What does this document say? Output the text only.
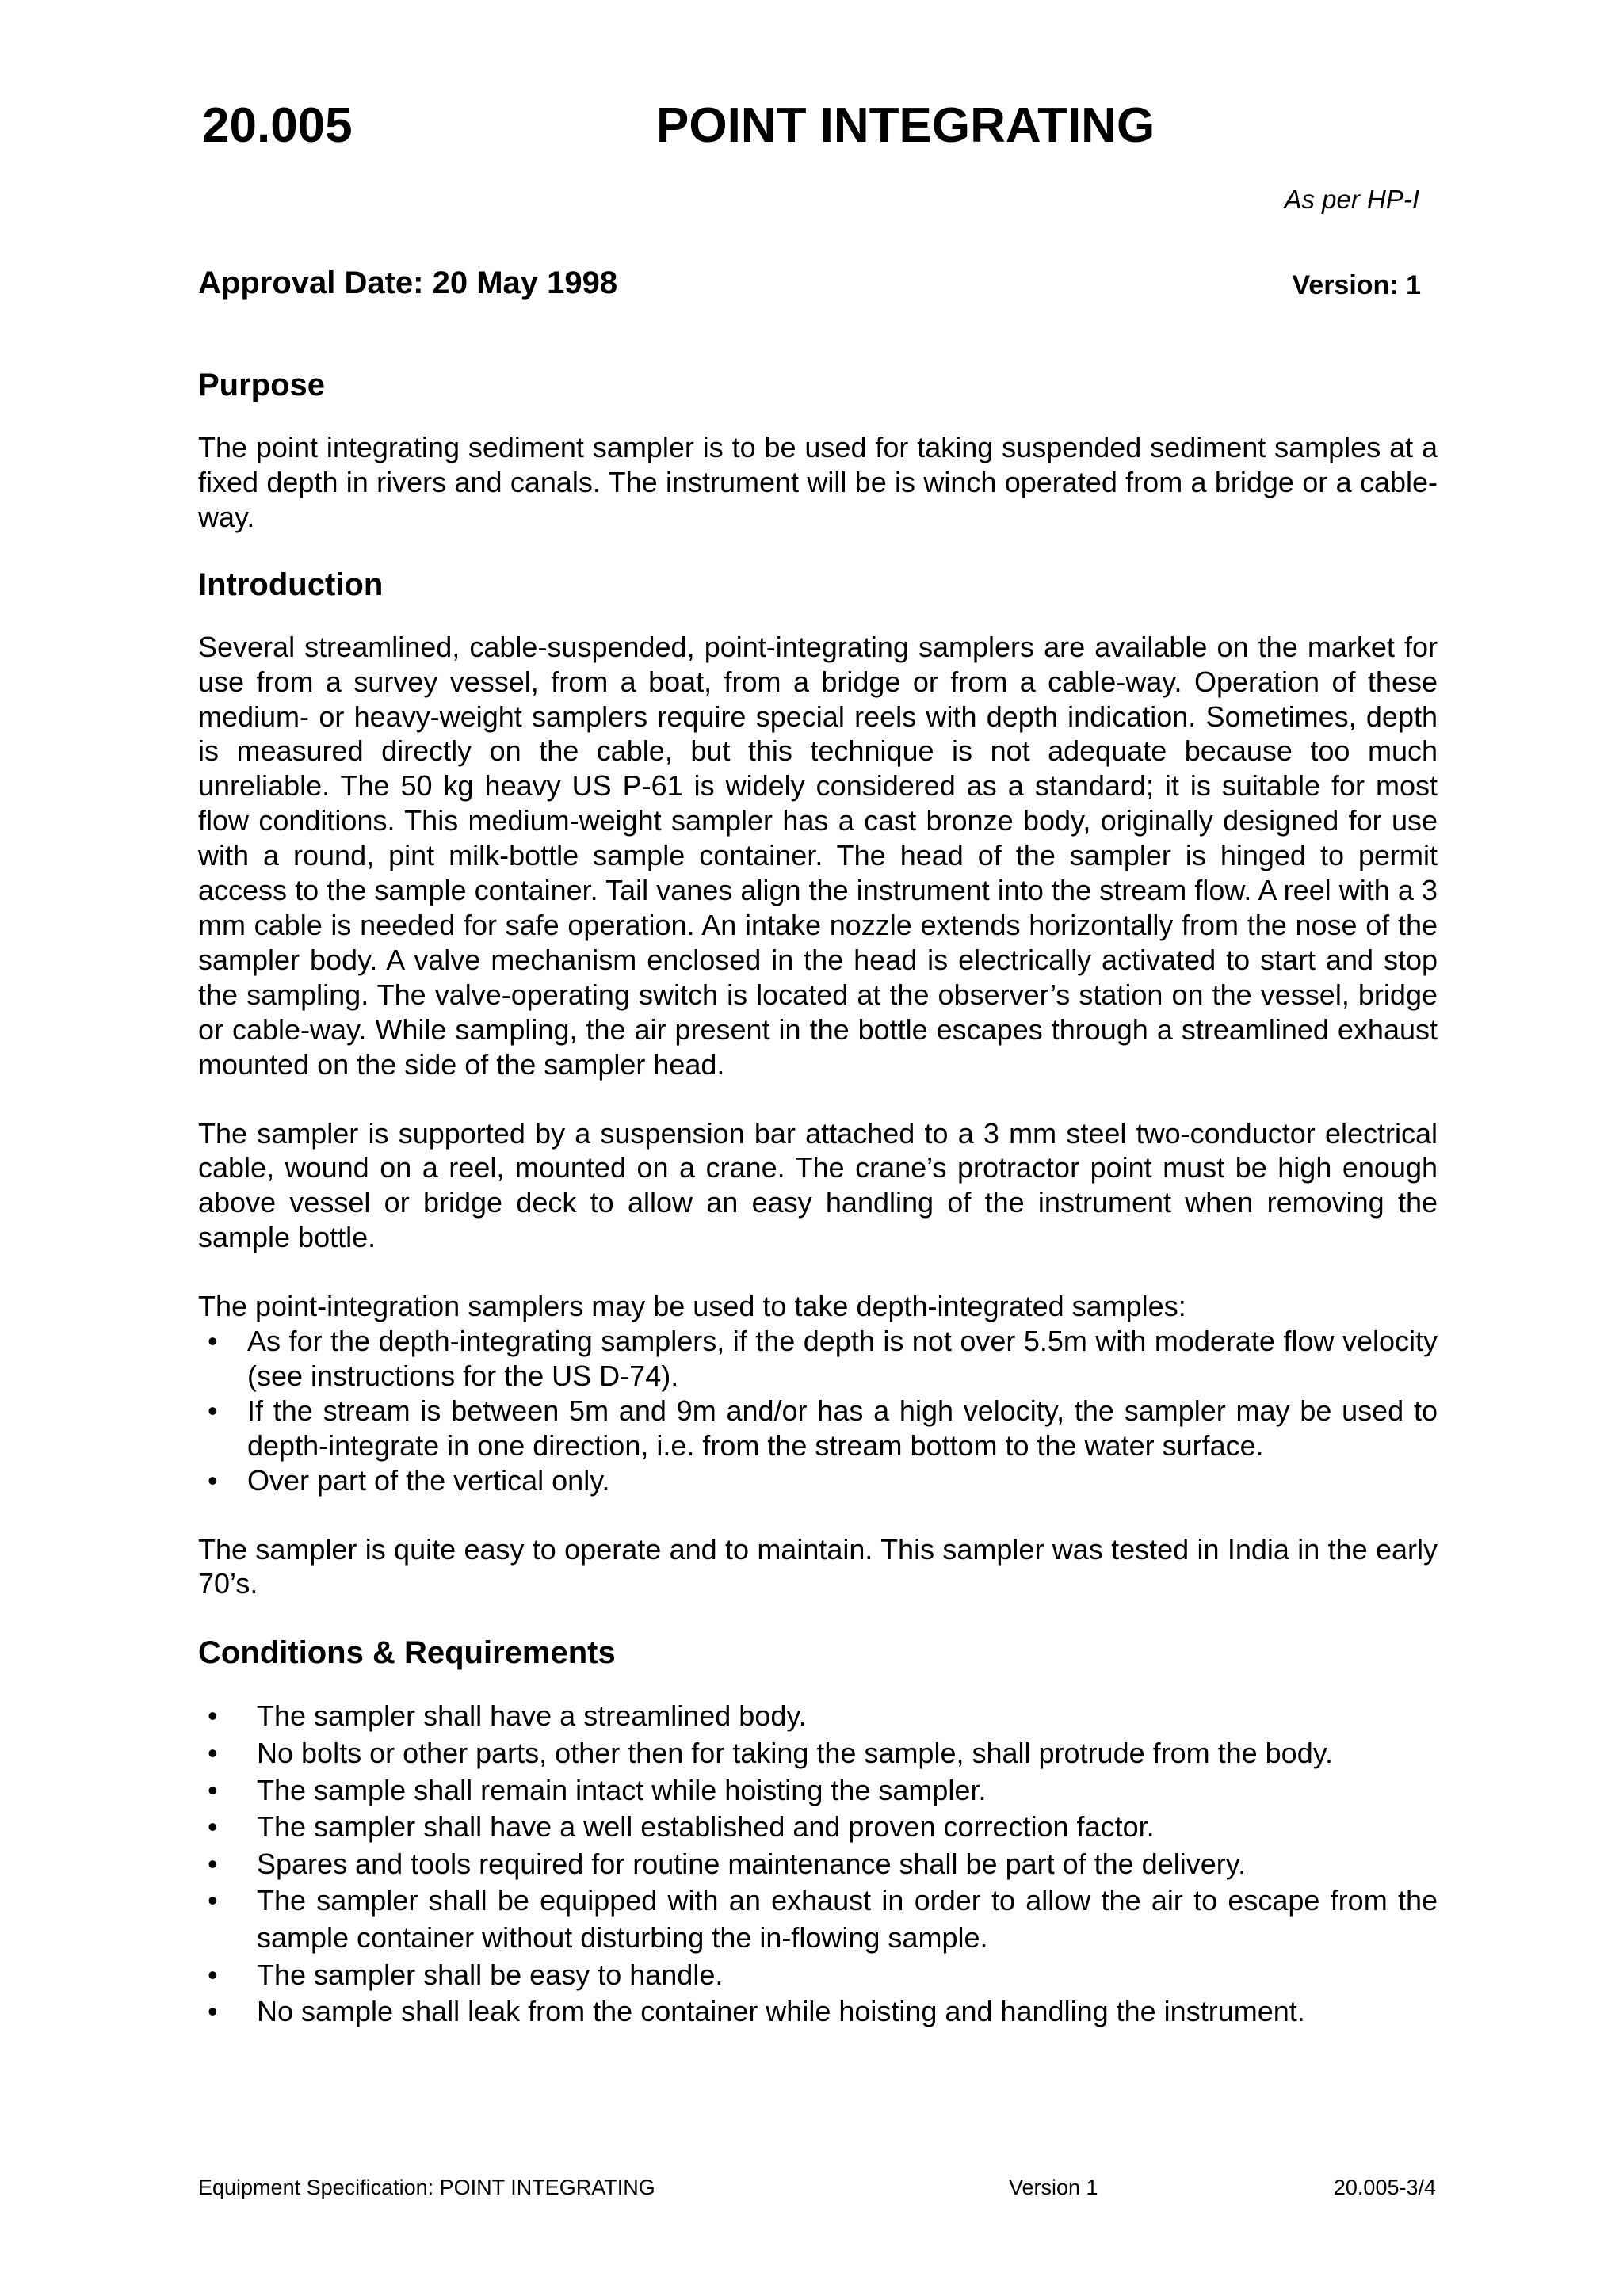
20.005	POINT INTEGRATING
As per HP-I
Approval Date: 20 May 1998	Version: 1
Purpose

The point integrating sediment sampler is to be used for taking suspended sediment samples at a fixed depth in rivers and canals. The instrument will be is winch operated from a bridge or a cable-way.

Introduction

Several streamlined, cable-suspended, point-integrating samplers are available on the market for use from a survey vessel, from a boat, from a bridge or from a cable-way. Operation of these medium- or heavy-weight samplers require special reels with depth indication. Sometimes, depth is measured directly on the cable, but this technique is not adequate because too much unreliable. The 50 kg heavy US P-61 is widely considered as a standard; it is suitable for most flow conditions. This medium-weight sampler has a cast bronze body, originally designed for use with a round, pint milk-bottle sample container. The head of the sampler is hinged to permit access to the sample container. Tail vanes align the instrument into the stream flow. A reel with a 3 mm cable is needed for safe operation. An intake nozzle extends horizontally from the nose of the sampler body. A valve mechanism enclosed in the head is electrically activated to start and stop the sampling. The valve-operating switch is located at the observer’s station on the vessel, bridge or cable-way. While sampling, the air present in the bottle escapes through a streamlined exhaust mounted on the side of the sampler head.

The sampler is supported by a suspension bar attached to a 3 mm steel two-conductor electrical cable, wound on a reel, mounted on a crane. The crane’s protractor point must be high enough above vessel or bridge deck to allow an easy handling of the instrument when removing the sample bottle.

The point-integration samplers may be used to take depth-integrated samples:

• As for the depth-integrating samplers, if the depth is not over 5.5m with moderate flow velocity (see instructions for the US D-74).
• If the stream is between 5m and 9m and/or has a high velocity, the sampler may be used to depth-integrate in one direction, i.e. from the stream bottom to the water surface.
• Over part of the vertical only.

The sampler is quite easy to operate and to maintain. This sampler was tested in India in the early 70’s.

Conditions & Requirements
• The sampler shall have a streamlined body.
• No bolts or other parts, other then for taking the sample, shall protrude from the body.
• The sample shall remain intact while hoisting the sampler.
• The sampler shall have a well established and proven correction factor.
• Spares and tools required for routine maintenance shall be part of the delivery.
• The sampler shall be equipped with an exhaust in order to allow the air to escape from the sample container without disturbing the in-flowing sample.
• The sampler shall be easy to handle.
• No sample shall leak from the container while hoisting and handling the instrument.
Equipment Specification: POINT INTEGRATING	Version 1	20.005-3/4
